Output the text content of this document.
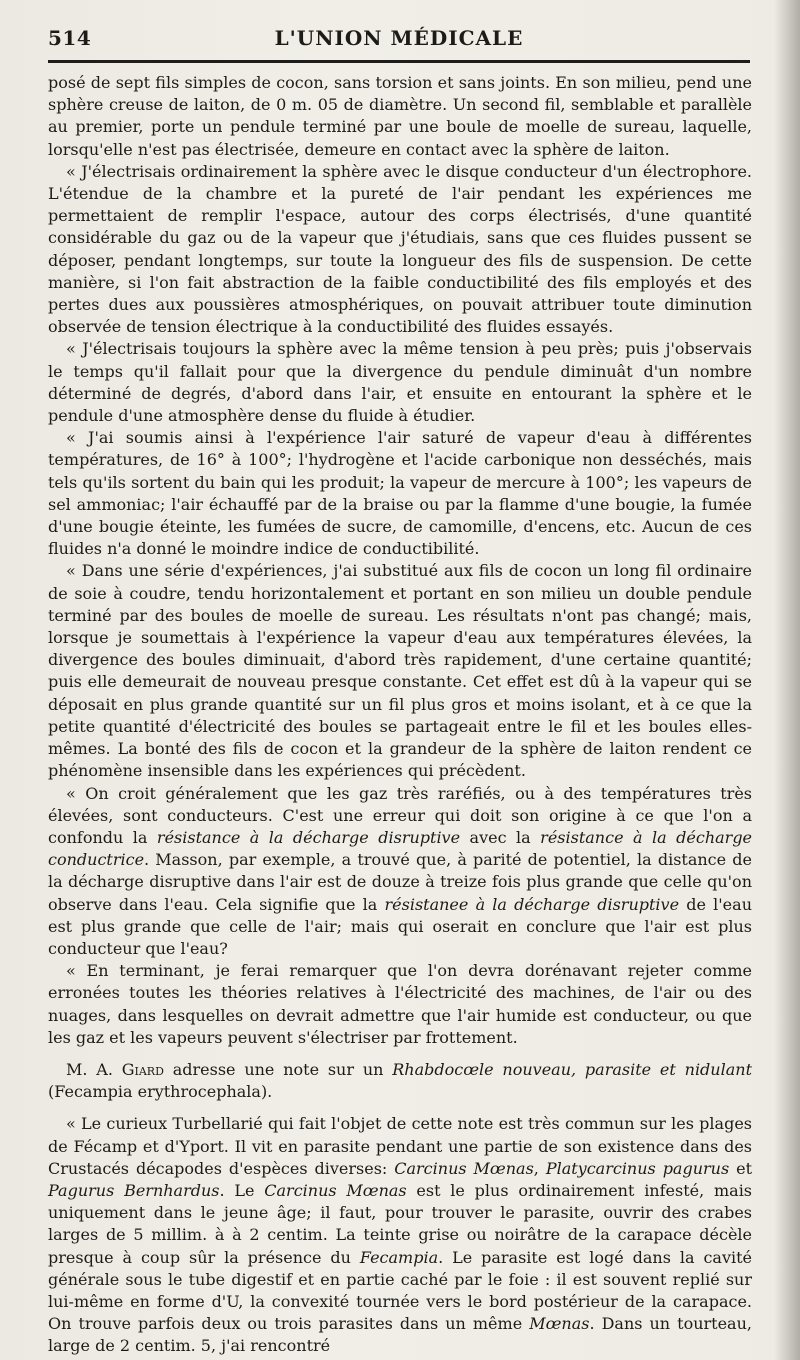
514	L'UNION MÉDICALE

posé de sept fils simples de cocon, sans torsion et sans joints. En son milieu, pend une sphère creuse de laiton, de 0 m. 05 de diamètre. Un second fil, semblable et parallèle au premier, porte un pendule terminé par une boule de moelle de sureau, laquelle, lorsqu'elle n'est pas électrisée, demeure en contact avec la sphère de laiton.

« J'électrisais ordinairement la sphère avec le disque conducteur d'un électrophore. L'étendue de la chambre et la pureté de l'air pendant les expériences me permettaient de remplir l'espace, autour des corps électrisés, d'une quantité considérable du gaz ou de la vapeur que j'étudiais, sans que ces fluides pussent se déposer, pendant longtemps, sur toute la longueur des fils de suspension. De cette manière, si l'on fait abstraction de la faible conductibilité des fils employés et des pertes dues aux poussières atmosphériques, on pouvait attribuer toute diminution observée de tension électrique à la conductibilité des fluides essayés.

« J'électrisais toujours la sphère avec la même tension à peu près; puis j'observais le temps qu'il fallait pour que la divergence du pendule diminuât d'un nombre déterminé de degrés, d'abord dans l'air, et ensuite en entourant la sphère et le pendule d'une atmosphère dense du fluide à étudier.

« J'ai soumis ainsi à l'expérience l'air saturé de vapeur d'eau à différentes températures, de 16° à 100°; l'hydrogène et l'acide carbonique non desséchés, mais tels qu'ils sortent du bain qui les produit; la vapeur de mercure à 100°; les vapeurs de sel ammoniac; l'air échauffé par de la braise ou par la flamme d'une bougie, la fumée d'une bougie éteinte, les fumées de sucre, de camomille, d'encens, etc. Aucun de ces fluides n'a donné le moindre indice de conductibilité.

« Dans une série d'expériences, j'ai substitué aux fils de cocon un long fil ordinaire de soie à coudre, tendu horizontalement et portant en son milieu un double pendule terminé par des boules de moelle de sureau. Les résultats n'ont pas changé; mais, lorsque je soumettais à l'expérience la vapeur d'eau aux températures élevées, la divergence des boules diminuait, d'abord très rapidement, d'une certaine quantité; puis elle demeurait de nouveau presque constante. Cet effet est dû à la vapeur qui se déposait en plus grande quantité sur un fil plus gros et moins isolant, et à ce que la petite quantité d'électricité des boules se partageait entre le fil et les boules elles-mêmes. La bonté des fils de cocon et la grandeur de la sphère de laiton rendent ce phénomène insensible dans les expériences qui précèdent.

« On croit généralement que les gaz très raréfiés, ou à des températures très élevées, sont conducteurs. C'est une erreur qui doit son origine à ce que l'on a confondu la résistance à la décharge disruptive avec la résistance à la décharge conductrice. Masson, par exemple, a trouvé que, à parité de potentiel, la distance de la décharge disruptive dans l'air est de douze à treize fois plus grande que celle qu'on observe dans l'eau. Cela signifie que la résistanee à la décharge disruptive de l'eau est plus grande que celle de l'air; mais qui oserait en conclure que l'air est plus conducteur que l'eau?

« En terminant, je ferai remarquer que l'on devra dorénavant rejeter comme erronées toutes les théories relatives à l'électricité des machines, de l'air ou des nuages, dans lesquelles on devrait admettre que l'air humide est conducteur, ou que les gaz et les vapeurs peuvent s'électriser par frottement.

M. A. Giard adresse une note sur un Rhabdocœle nouveau, parasite et nidulant (Fecampia erythrocephala).

« Le curieux Turbellarié qui fait l'objet de cette note est très commun sur les plages de Fécamp et d'Yport. Il vit en parasite pendant une partie de son existence dans des Crustacés décapodes d'espèces diverses: Carcinus Mœnas, Platycarcinus pagurus et Pagurus Bernhardus. Le Carcinus Mœnas est le plus ordinairement infesté, mais uniquement dans le jeune âge; il faut, pour trouver le parasite, ouvrir des crabes larges de 5 millim. à à 2 centim. La teinte grise ou noirâtre de la carapace décèle presque à coup sûr la présence du Fecampia. Le parasite est logé dans la cavité générale sous le tube digestif et en partie caché par le foie : il est souvent replié sur lui-même en forme d'U, la convexité tournée vers le bord postérieur de la carapace. On trouve parfois deux ou trois parasites dans un même Mœnas. Dans un tourteau, large de 2 centim. 5, j'ai rencontré
